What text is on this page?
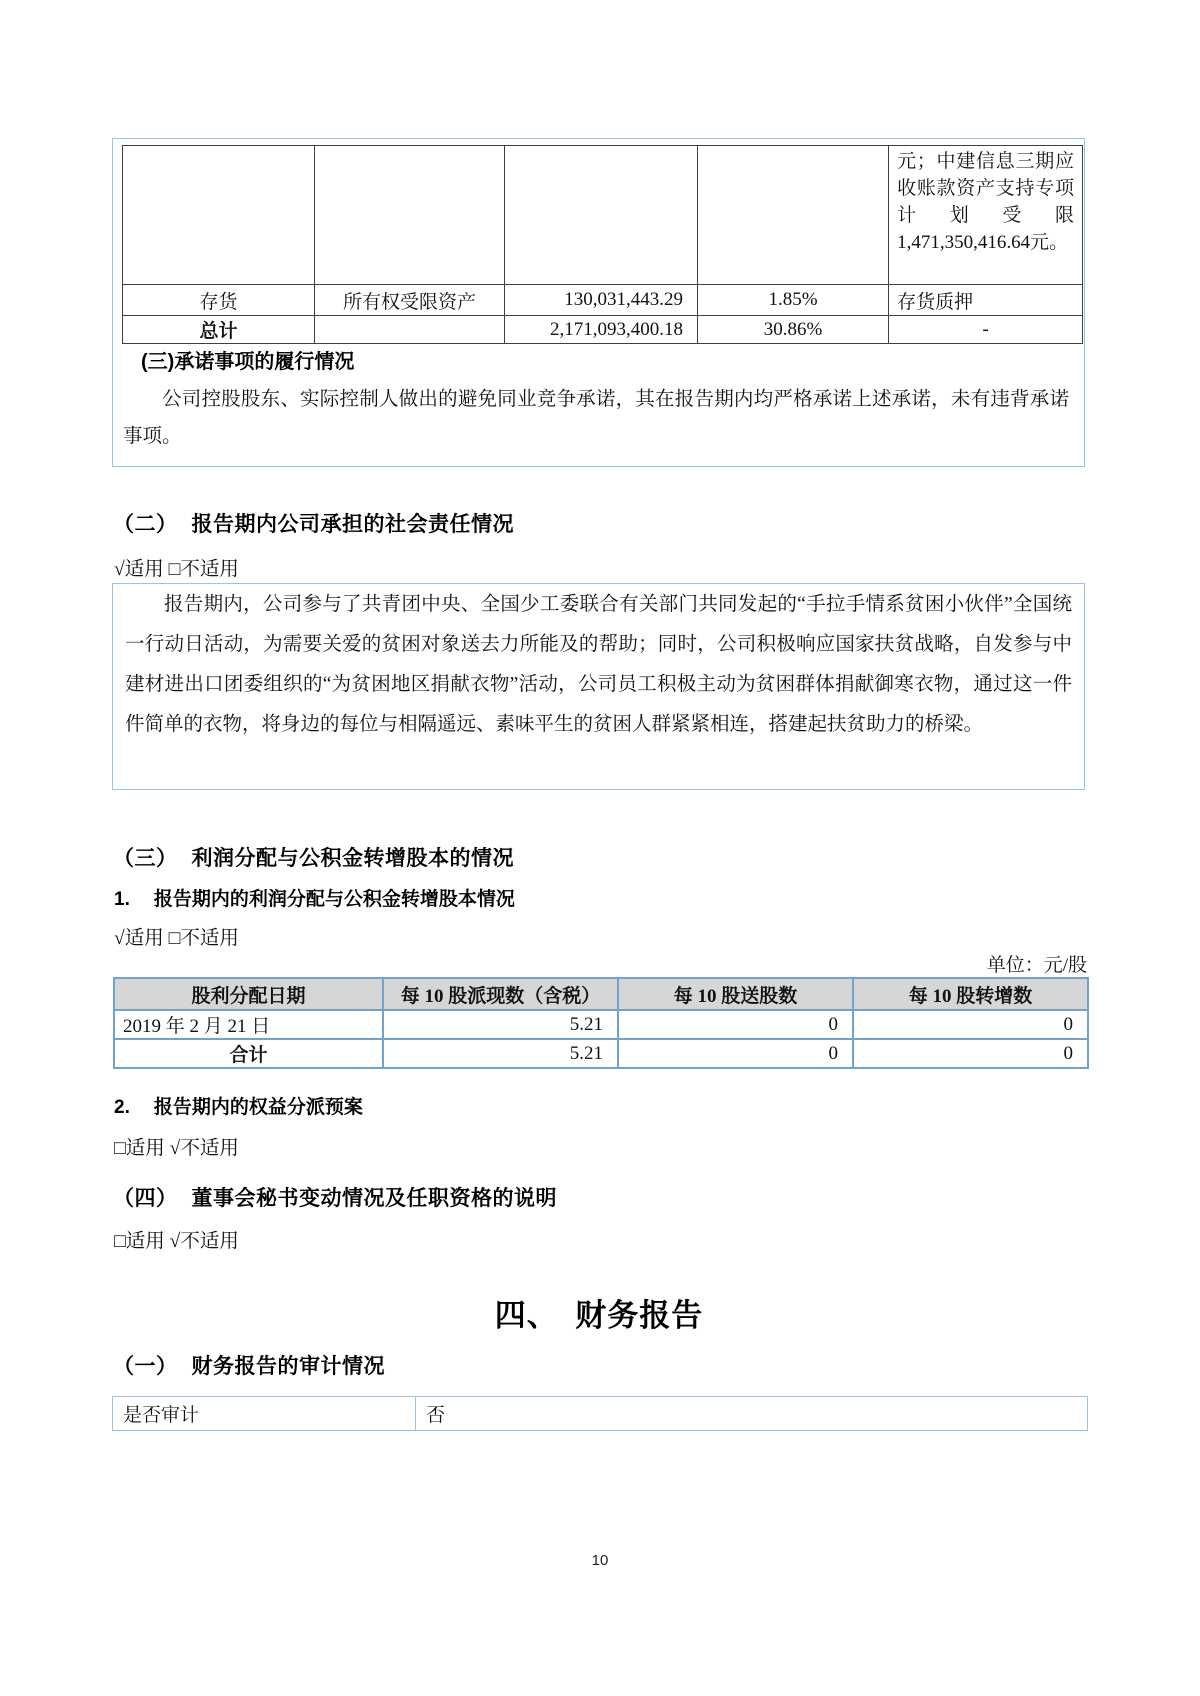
				元；中建信息三期应收账款资产支持专项计划受限1,471,350,416.64元。
存货	所有权受限资产	130,031,443.29	1.85%	存货质押
总计		2,171,093,400.18	30.86%	-
(三)承诺事项的履行情况
公司控股股东、实际控制人做出的避免同业竞争承诺，其在报告期内均严格承诺上述承诺，未有违背承诺事项。
（二） 报告期内公司承担的社会责任情况
√适用 □不适用

报告期内，公司参与了共青团中央、全国少工委联合有关部门共同发起的“手拉手情系贫困小伙伴”全国统一行动日活动，为需要关爱的贫困对象送去力所能及的帮助；同时，公司积极响应国家扶贫战略，自发参与中建材进出口团委组织的“为贫困地区捐献衣物”活动，公司员工积极主动为贫困群体捐献御寒衣物，通过这一件件简单的衣物，将身边的每位与相隔遥远、素味平生的贫困人群紧紧相连，搭建起扶贫助力的桥梁。

（三） 利润分配与公积金转增股本的情况
1. 报告期内的利润分配与公积金转增股本情况
√适用 □不适用
单位：元/股
股利分配日期	每 10 股派现数（含税）	每 10 股送股数	每 10 股转增数
2019 年 2 月 21 日	5.21	0	0
合计	5.21	0	0
2. 报告期内的权益分派预案
□适用 √不适用
（四） 董事会秘书变动情况及任职资格的说明
□适用 √不适用
四、　财务报告
（一） 财务报告的审计情况
是否审计	否
10
